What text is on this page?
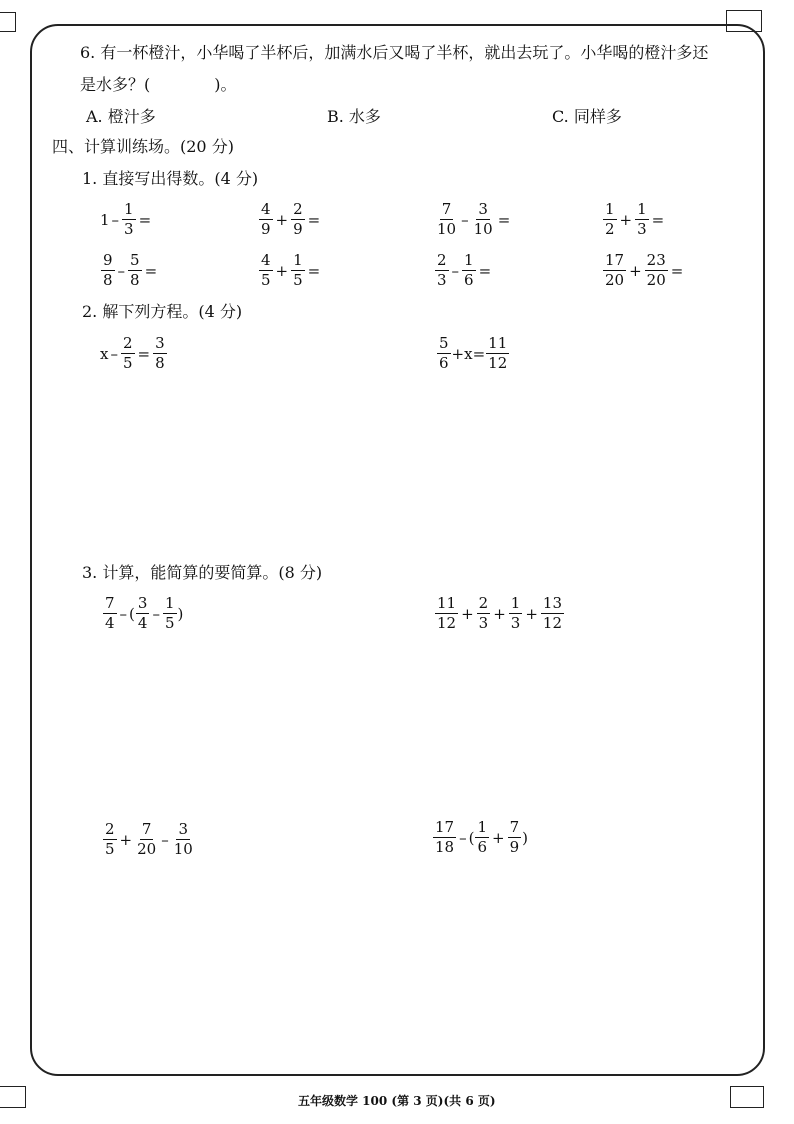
6. 有一杯橙汁，小华喝了半杯后，加满水后又喝了半杯，就出去玩了。小华喝的橙汁多还
是水多？(	)。
A. 橙汁多	B. 水多	C. 同样多
四、计算训练场。(20 分)
1. 直接写出得数。(4 分)
$1 - \frac{1}{3}$ =	$\frac{4}{9} + \frac{2}{9}$ =	$\frac{7}{10} - \frac{3}{10}$ =	$\frac{1}{2} + \frac{1}{3}$ =
$\frac{9}{8} - \frac{5}{8}$ =	$\frac{4}{5} + \frac{1}{5}$ =	$\frac{2}{3} - \frac{1}{6}$ =	$\frac{17}{20} + \frac{23}{20}$ =
2. 解下列方程。(4 分)
$x - \frac{2}{5} = \frac{3}{8}$	$\frac{5}{6} +x= \frac{11}{12}$
3. 计算，能简算的要简算。(8 分)
$\frac{7}{4}$ – ( $\frac{3}{4} - \frac{1}{5}$ )	$\frac{11}{12} + \frac{2}{3} + \frac{1}{3} + \frac{13}{12}$
$\frac{2}{5} + \frac{7}{20} - \frac{3}{10}$	$\frac{17}{18}$ – ( $\frac{1}{6} + \frac{7}{9}$ )
五年级数学 100 (第 3 页)(共 6 页)
